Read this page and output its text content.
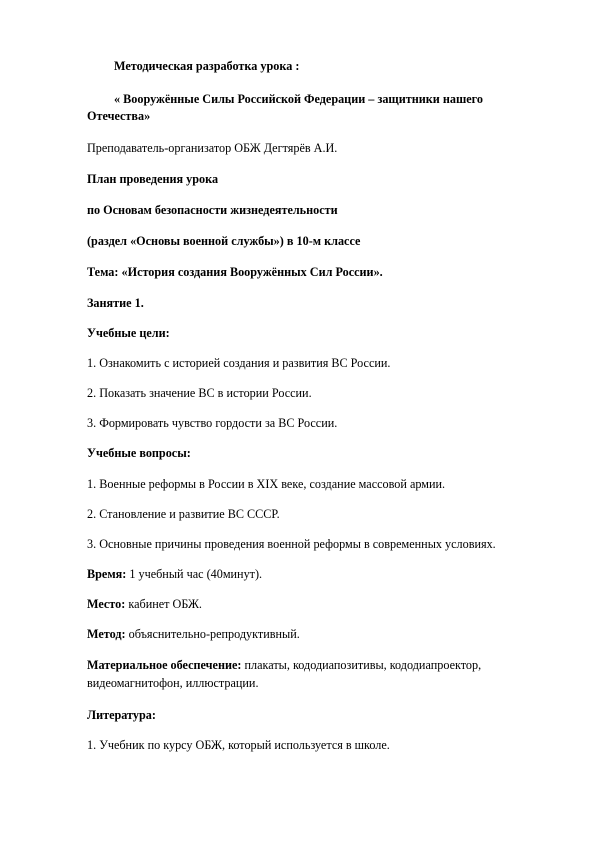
Методическая разработка урока :
« Вооружённые Силы Российской Федерации – защитники нашего
Отечества»
Преподаватель-организатор ОБЖ Дегтярёв А.И.
План проведения урока
по Основам безопасности жизнедеятельности
(раздел «Основы военной службы») в 10-м классе
Тема: «История создания Вооружённых Сил России».
Занятие 1.
Учебные цели:
1. Ознакомить с историей создания и развития ВС России.
2. Показать значение ВС в истории России.
3. Формировать чувство гордости за ВС России.
Учебные вопросы:
1. Военные реформы в России в XIX веке, создание массовой армии.
2. Становление и развитие ВС СССР.
3. Основные причины проведения военной реформы в современных условиях.
Время: 1 учебный час (40минут).
Место: кабинет ОБЖ.
Метод: объяснительно-репродуктивный.
Материальное обеспечение: плакаты, кододиапозитивы, кододиапроектор,
видеомагнитофон, иллюстрации.
Литература:
1. Учебник по курсу ОБЖ, который используется в школе.
